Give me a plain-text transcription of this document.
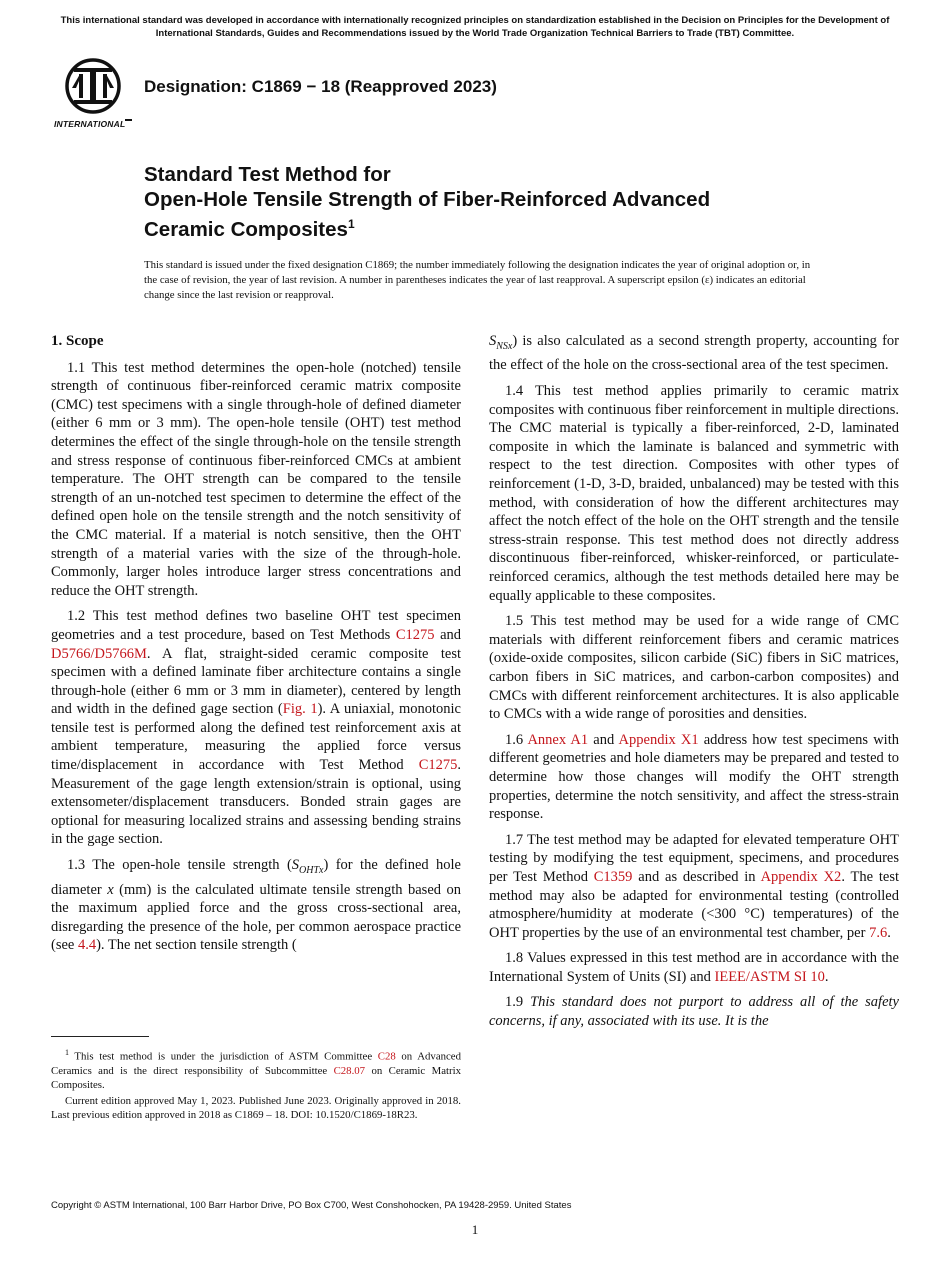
This international standard was developed in accordance with internationally recognized principles on standardization established in the Decision on Principles for the Development of International Standards, Guides and Recommendations issued by the World Trade Organization Technical Barriers to Trade (TBT) Committee.
INTERNATIONAL
Designation: C1869 − 18 (Reapproved 2023)
Standard Test Method for
Open-Hole Tensile Strength of Fiber-Reinforced Advanced
Ceramic Composites$^1$
This standard is issued under the fixed designation C1869; the number immediately following the designation indicates the year of original adoption or, in the case of revision, the year of last revision. A number in parentheses indicates the year of last reapproval. A superscript epsilon (ε) indicates an editorial change since the last revision or reapproval.
1. Scope

1.1 This test method determines the open-hole (notched) tensile strength of continuous fiber-reinforced ceramic matrix composite (CMC) test specimens with a single through-hole of defined diameter (either 6 mm or 3 mm). The open-hole tensile (OHT) test method determines the effect of the single through-hole on the tensile strength and stress response of continuous fiber-reinforced CMCs at ambient temperature. The OHT strength can be compared to the tensile strength of an un-notched test specimen to determine the effect of the defined open hole on the tensile strength and the notch sensitivity of the CMC material. If a material is notch sensitive, then the OHT strength of a material varies with the size of the through-hole. Commonly, larger holes introduce larger stress concentrations and reduce the OHT strength.

1.2 This test method defines two baseline OHT test specimen geometries and a test procedure, based on Test Methods C1275 and D5766/D5766M. A flat, straight-sided ceramic composite test specimen with a defined laminate fiber architecture contains a single through-hole (either 6 mm or 3 mm in diameter), centered by length and width in the defined gage section (Fig. 1). A uniaxial, monotonic tensile test is performed along the defined test reinforcement axis at ambient temperature, measuring the applied force versus time/displacement in accordance with Test Method C1275. Measurement of the gage length extension/strain is optional, using extensometer/displacement transducers. Bonded strain gages are optional for measuring localized strains and assessing bending strains in the gage section.

1.3 The open-hole tensile strength $(S_{OHTx})$ for the defined hole diameter x (mm) is the calculated ultimate tensile strength based on the maximum applied force and the gross cross-sectional area, disregarding the presence of the hole, per common aerospace practice (see 4.4). The net section tensile strength (

$S_{NSx}$) is also calculated as a second strength property, accounting for the effect of the hole on the cross-sectional area of the test specimen.

1.4 This test method applies primarily to ceramic matrix composites with continuous fiber reinforcement in multiple directions. The CMC material is typically a fiber-reinforced, 2-D, laminated composite in which the laminate is balanced and symmetric with respect to the test direction. Composites with other types of reinforcement (1-D, 3-D, braided, unbalanced) may be tested with this method, with consideration of how the different architectures may affect the notch effect of the hole on the OHT strength and the tensile stress-strain response. This test method does not directly address discontinuous fiber-reinforced, whisker-reinforced, or particulate-reinforced ceramics, although the test methods detailed here may be equally applicable to these composites.

1.5 This test method may be used for a wide range of CMC materials with different reinforcement fibers and ceramic matrices (oxide-oxide composites, silicon carbide (SiC) fibers in SiC matrices, carbon fibers in SiC matrices, and carbon-carbon composites) and CMCs with different reinforcement architectures. It is also applicable to CMCs with a wide range of porosities and densities.

1.6 Annex A1 and Appendix X1 address how test specimens with different geometries and hole diameters may be prepared and tested to determine how those changes will modify the OHT strength properties, determine the notch sensitivity, and affect the stress-strain response.

1.7 The test method may be adapted for elevated temperature OHT testing by modifying the test equipment, specimens, and procedures per Test Method C1359 and as described in Appendix X2. The test method may also be adapted for environmental testing (controlled atmosphere/humidity at moderate (<300 °C) temperatures) of the OHT properties by the use of an environmental test chamber, per 7.6.

1.8 Values expressed in this test method are in accordance with the International System of Units (SI) and IEEE/ASTM SI 10.

1.9 This standard does not purport to address all of the safety concerns, if any, associated with its use. It is the

$^1$ This test method is under the jurisdiction of ASTM Committee C28 on Advanced Ceramics and is the direct responsibility of Subcommittee C28.07 on Ceramic Matrix Composites.

Current edition approved May 1, 2023. Published June 2023. Originally approved in 2018. Last previous edition approved in 2018 as C1869 – 18. DOI: 10.1520/C1869-18R23.

Copyright © ASTM International, 100 Barr Harbor Drive, PO Box C700, West Conshohocken, PA 19428-2959. United States
1
